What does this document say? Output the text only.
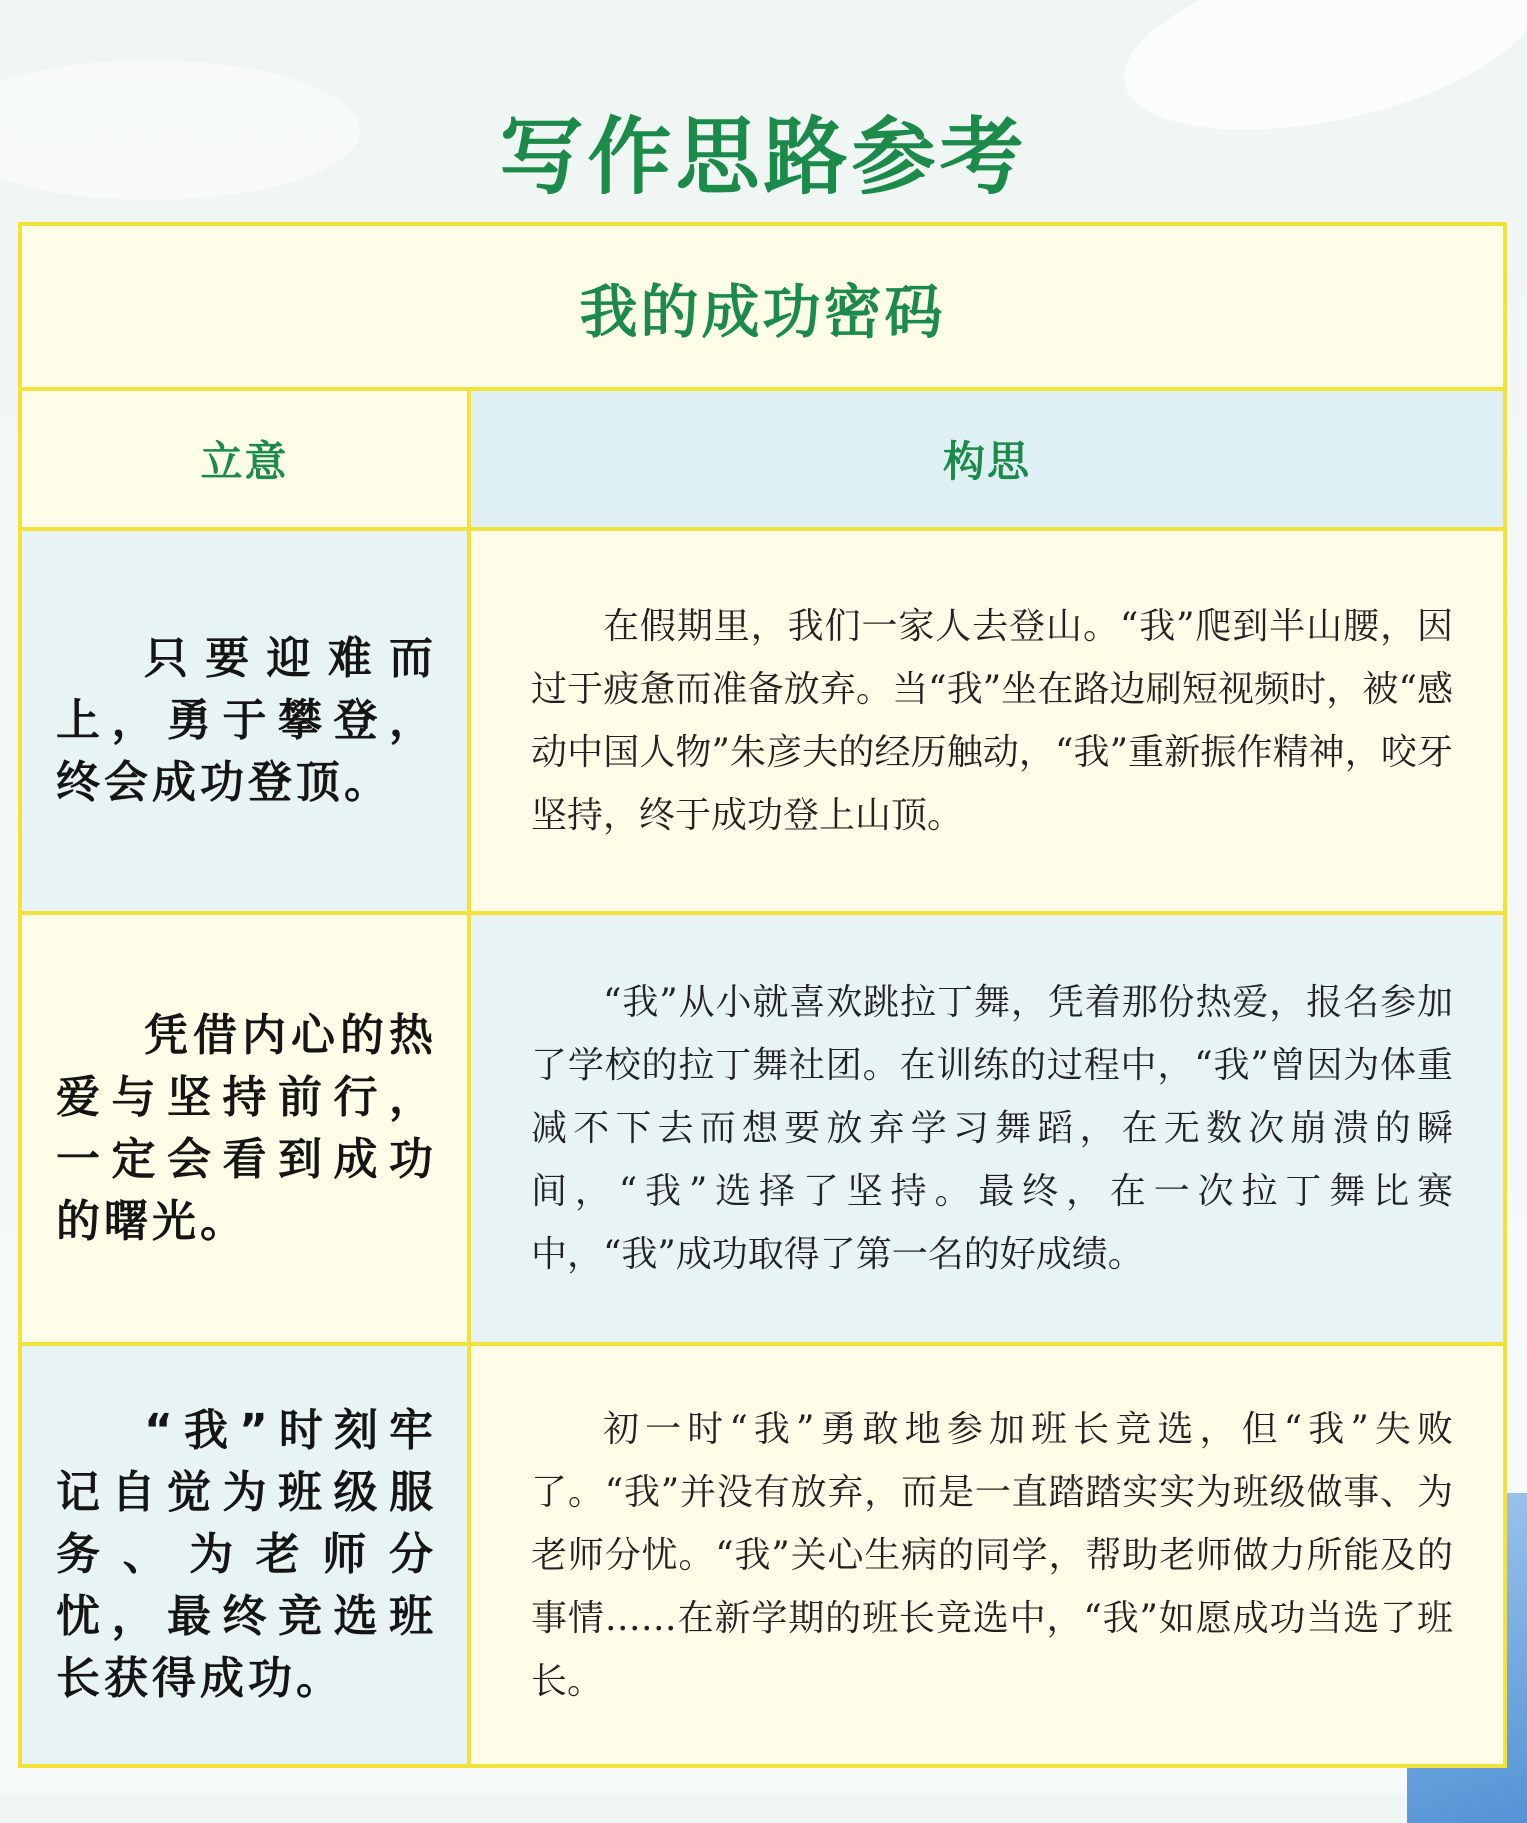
写作思路参考
我的成功密码
立意	构思

只要迎难而上，勇于攀登，终会成功登顶。

在假期里，我们一家人去登山。“我”爬到半山腰，因过于疲惫而准备放弃。当“我”坐在路边刷短视频时，被“感动中国人物”朱彦夫的经历触动，“我”重新振作精神，咬牙坚持，终于成功登上山顶。

凭借内心的热爱与坚持前行，一定会看到成功的曙光。

“我”从小就喜欢跳拉丁舞，凭着那份热爱，报名参加了学校的拉丁舞社团。在训练的过程中，“我”曾因为体重减不下去而想要放弃学习舞蹈，在无数次崩溃的瞬间，“我”选择了坚持。最终，在一次拉丁舞比赛中，“我”成功取得了第一名的好成绩。

“我”时刻牢记自觉为班级服务、为老师分忧，最终竞选班长获得成功。

初一时“我”勇敢地参加班长竞选，但“我”失败了。“我”并没有放弃，而是一直踏踏实实为班级做事、为老师分忧。“我”关心生病的同学，帮助老师做力所能及的事情……在新学期的班长竞选中，“我”如愿成功当选了班长。
